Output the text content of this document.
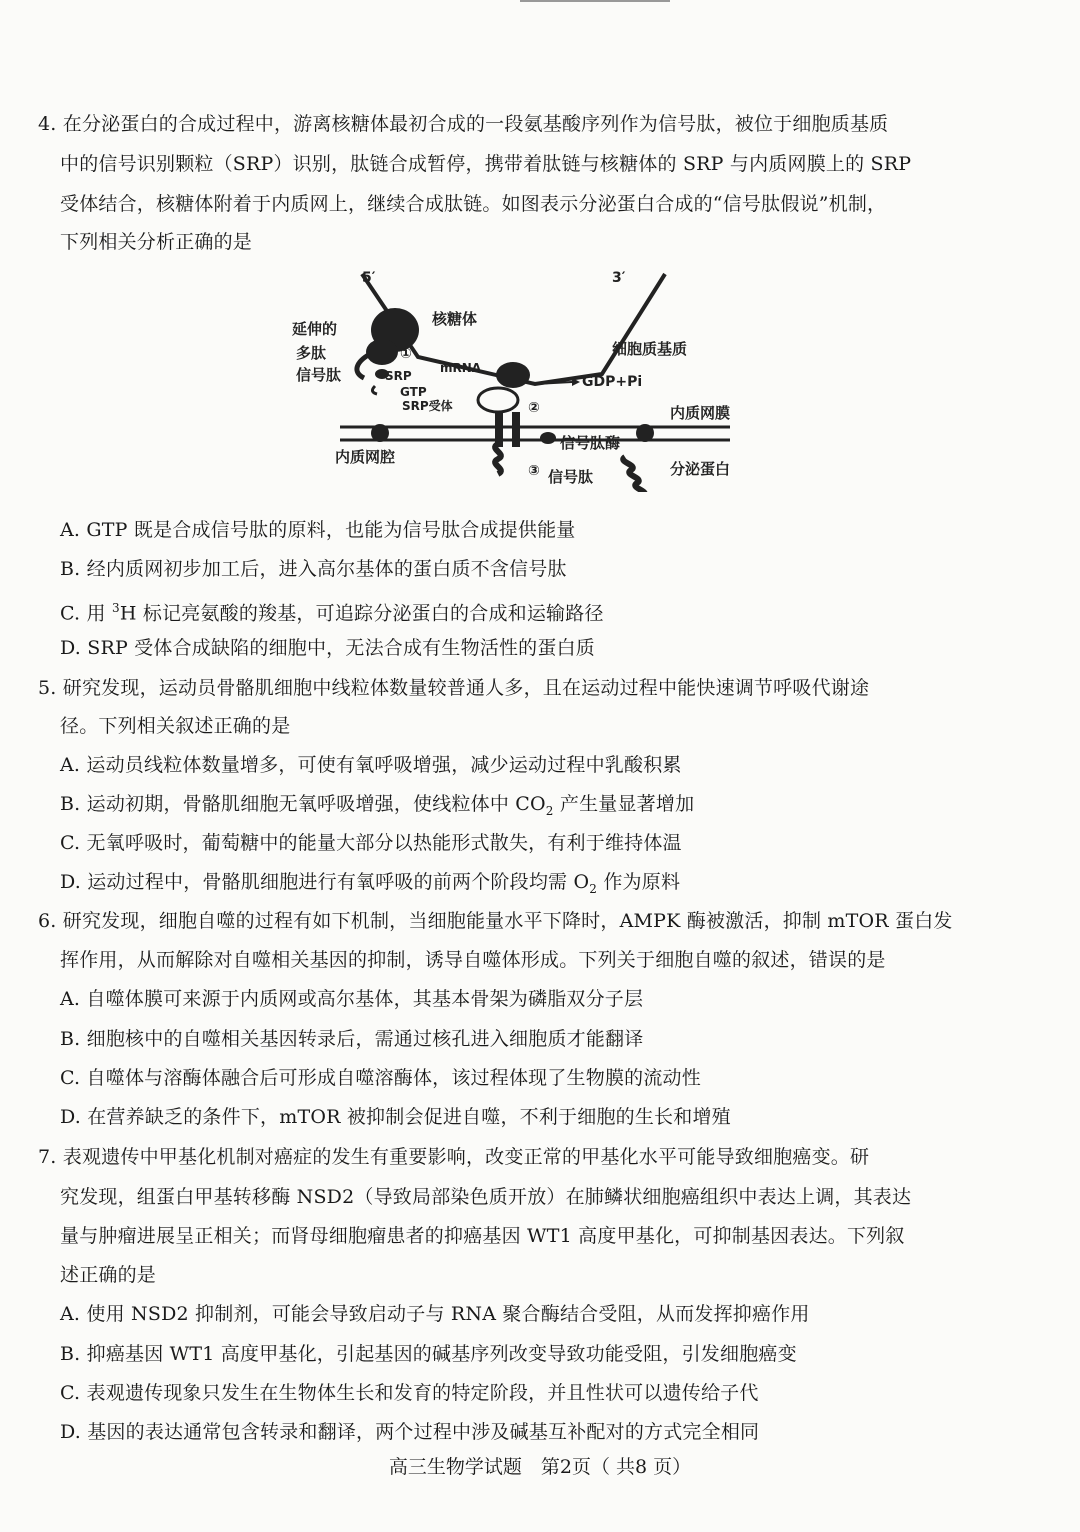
4. 在分泌蛋白的合成过程中，游离核糖体最初合成的一段氨基酸序列作为信号肽，被位于细胞质基质
中的信号识别颗粒（SRP）识别，肽链合成暂停，携带着肽链与核糖体的 SRP 与内质网膜上的 SRP
受体结合，核糖体附着于内质网上，继续合成肽链。如图表示分泌蛋白合成的“信号肽假说”机制，
下列相关分析正确的是
5′	3′
核糖体
延伸的
多肽
信号肽	SRP
GTP
SRP受体
mRNA
①
②
③
细胞质基质
GDP+Pi
内质网膜
内质网腔
信号肽酶
信号肽	分泌蛋白
A. GTP 既是合成信号肽的原料，也能为信号肽合成提供能量
B. 经内质网初步加工后，进入高尔基体的蛋白质不含信号肽
C. 用 $^3$H 标记亮氨酸的羧基，可追踪分泌蛋白的合成和运输路径
D. SRP 受体合成缺陷的细胞中，无法合成有生物活性的蛋白质
5. 研究发现，运动员骨骼肌细胞中线粒体数量较普通人多，且在运动过程中能快速调节呼吸代谢途
径。下列相关叙述正确的是
A. 运动员线粒体数量增多，可使有氧呼吸增强，减少运动过程中乳酸积累
B. 运动初期，骨骼肌细胞无氧呼吸增强，使线粒体中 $CO_2$ 产生量显著增加
C. 无氧呼吸时，葡萄糖中的能量大部分以热能形式散失，有利于维持体温
D. 运动过程中，骨骼肌细胞进行有氧呼吸的前两个阶段均需 $O_2$ 作为原料
6. 研究发现，细胞自噬的过程有如下机制，当细胞能量水平下降时，AMPK 酶被激活，抑制 mTOR 蛋白发
挥作用，从而解除对自噬相关基因的抑制，诱导自噬体形成。下列关于细胞自噬的叙述，错误的是
A. 自噬体膜可来源于内质网或高尔基体，其基本骨架为磷脂双分子层
B. 细胞核中的自噬相关基因转录后，需通过核孔进入细胞质才能翻译
C. 自噬体与溶酶体融合后可形成自噬溶酶体，该过程体现了生物膜的流动性
D. 在营养缺乏的条件下，mTOR 被抑制会促进自噬，不利于细胞的生长和增殖
7. 表观遗传中甲基化机制对癌症的发生有重要影响，改变正常的甲基化水平可能导致细胞癌变。研
究发现，组蛋白甲基转移酶 NSD2（导致局部染色质开放）在肺鳞状细胞癌组织中表达上调，其表达
量与肿瘤进展呈正相关；而肾母细胞瘤患者的抑癌基因 WT1 高度甲基化，可抑制基因表达。下列叙
述正确的是
A. 使用 NSD2 抑制剂，可能会导致启动子与 RNA 聚合酶结合受阻，从而发挥抑癌作用
B. 抑癌基因 WT1 高度甲基化，引起基因的碱基序列改变导致功能受阻，引发细胞癌变
C. 表观遗传现象只发生在生物体生长和发育的特定阶段，并且性状可以遗传给子代
D. 基因的表达通常包含转录和翻译，两个过程中涉及碱基互补配对的方式完全相同
高三生物学试题　第2页（ 共8 页）
